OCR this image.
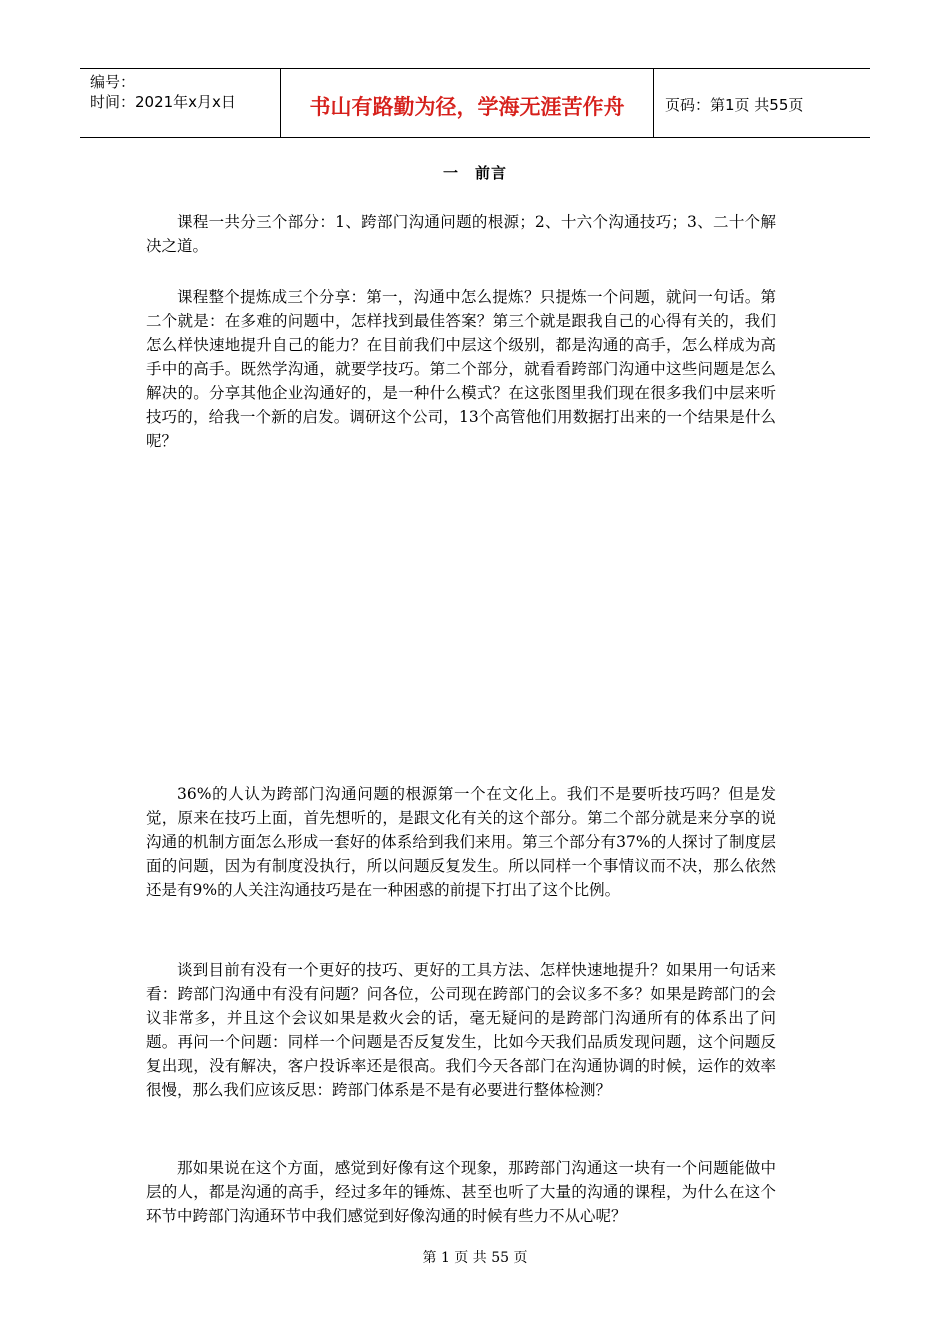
编号：
时间：2021年x月x日	书山有路勤为径，学海无涯苦作舟	页码：第1页 共55页
一　前言

课程一共分三个部分：1、跨部门沟通问题的根源；2、十六个沟通技巧；3、二十个解决之道。

课程整个提炼成三个分享：第一，沟通中怎么提炼？只提炼一个问题，就问一句话。第二个就是：在多难的问题中，怎样找到最佳答案？第三个就是跟我自己的心得有关的，我们怎么样快速地提升自己的能力？在目前我们中层这个级别，都是沟通的高手，怎么样成为高手中的高手。既然学沟通，就要学技巧。第二个部分，就看看跨部门沟通中这些问题是怎么解决的。分享其他企业沟通好的，是一种什么模式？在这张图里我们现在很多我们中层来听技巧的，给我一个新的启发。调研这个公司，13个高管他们用数据打出来的一个结果是什么呢？

36%的人认为跨部门沟通问题的根源第一个在文化上。我们不是要听技巧吗？但是发觉，原来在技巧上面，首先想听的，是跟文化有关的这个部分。第二个部分就是来分享的说沟通的机制方面怎么形成一套好的体系给到我们来用。第三个部分有37%的人探讨了制度层面的问题，因为有制度没执行，所以问题反复发生。所以同样一个事情议而不决，那么依然还是有9%的人关注沟通技巧是在一种困惑的前提下打出了这个比例。

谈到目前有没有一个更好的技巧、更好的工具方法、怎样快速地提升？如果用一句话来看：跨部门沟通中有没有问题？问各位，公司现在跨部门的会议多不多？如果是跨部门的会议非常多，并且这个会议如果是救火会的话，毫无疑问的是跨部门沟通所有的体系出了问题。再问一个问题：同样一个问题是否反复发生，比如今天我们品质发现问题，这个问题反复出现，没有解决，客户投诉率还是很高。我们今天各部门在沟通协调的时候，运作的效率很慢，那么我们应该反思：跨部门体系是不是有必要进行整体检测？

那如果说在这个方面，感觉到好像有这个现象，那跨部门沟通这一块有一个问题能做中层的人，都是沟通的高手，经过多年的锤炼、甚至也听了大量的沟通的课程，为什么在这个环节中跨部门沟通环节中我们感觉到好像沟通的时候有些力不从心呢？

第 1 页 共 55 页
